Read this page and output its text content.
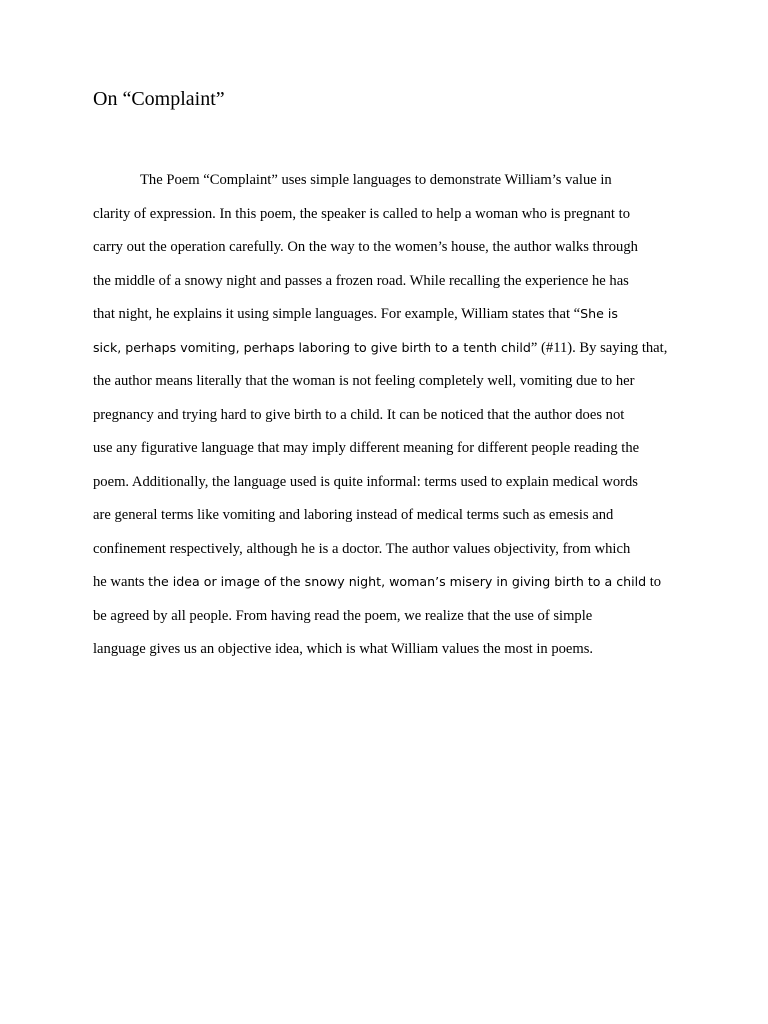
On “Complaint”
The Poem “Complaint” uses simple languages to demonstrate William’s value in
clarity of expression. In this poem, the speaker is called to help a woman who is pregnant to
carry out the operation carefully. On the way to the women’s house, the author walks through
the middle of a snowy night and passes a frozen road. While recalling the experience he has
that night, he explains it using simple languages. For example, William states that “She is
sick, perhaps vomiting, perhaps laboring to give birth to a tenth child” (#11). By saying that,
the author means literally that the woman is not feeling completely well, vomiting due to her
pregnancy and trying hard to give birth to a child. It can be noticed that the author does not
use any figurative language that may imply different meaning for different people reading the
poem. Additionally, the language used is quite informal: terms used to explain medical words
are general terms like vomiting and laboring instead of medical terms such as emesis and
confinement respectively, although he is a doctor. The author values objectivity, from which
he wants the idea or image of the snowy night, woman’s misery in giving birth to a child to
be agreed by all people. From having read the poem, we realize that the use of simple
language gives us an objective idea, which is what William values the most in poems.
